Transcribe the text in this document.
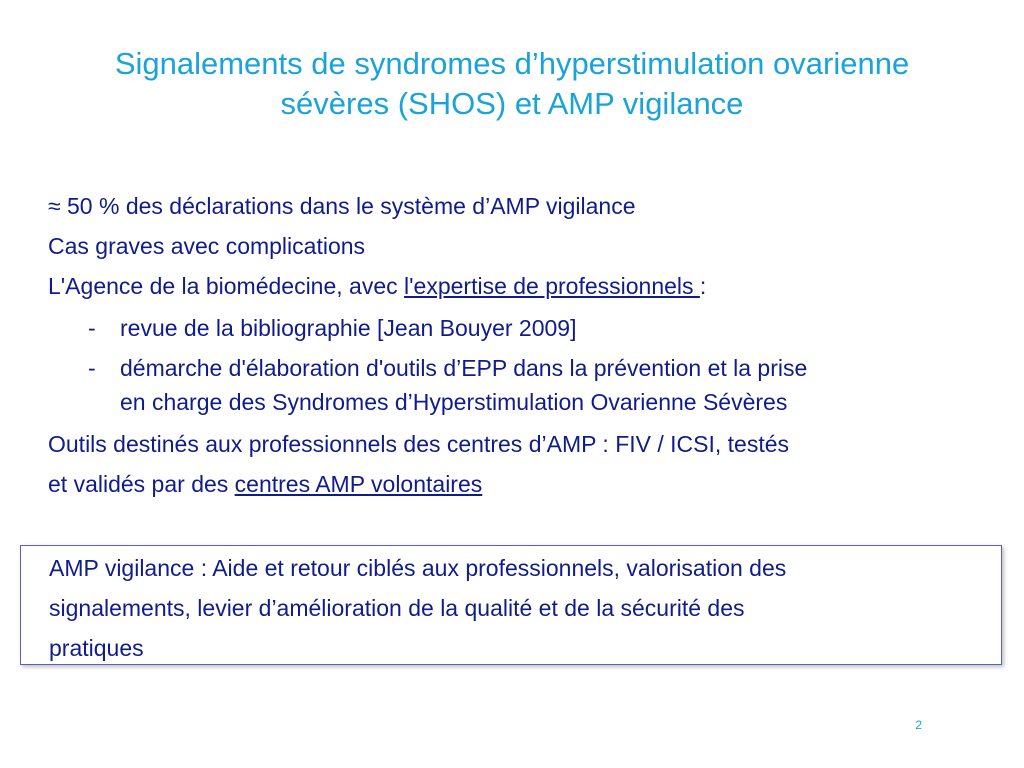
Signalements de syndromes d’hyperstimulation ovarienne
sévères (SHOS) et AMP vigilance
≈ 50 % des déclarations dans le système d’AMP vigilance
Cas graves avec complications
L'Agence de la biomédecine, avec l'expertise de professionnels :
- revue de la bibliographie [Jean Bouyer 2009]
- démarche d'élaboration d'outils d’EPP dans la prévention et la prise
en charge des Syndromes d’Hyperstimulation Ovarienne Sévères
Outils destinés aux professionnels des centres d’AMP : FIV / ICSI, testés
et validés par des centres AMP volontaires
AMP vigilance : Aide et retour ciblés aux professionnels, valorisation des
signalements, levier d’amélioration de la qualité et de la sécurité des
pratiques
2
